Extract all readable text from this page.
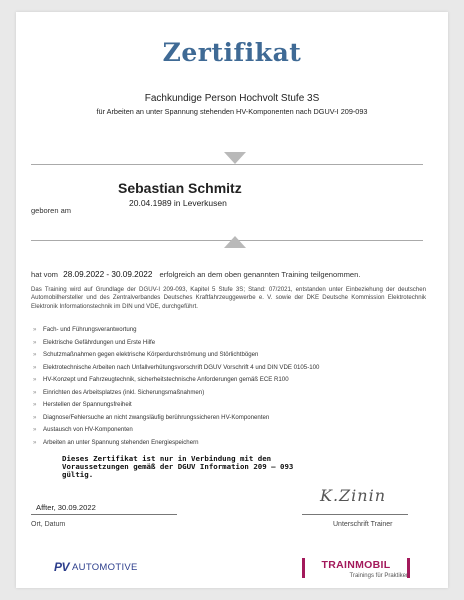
Zertifikat
Fachkundige Person Hochvolt Stufe 3S
für Arbeiten an unter Spannung stehenden HV-Komponenten nach DGUV-I 209-093
Sebastian Schmitz
geboren am
20.04.1989 in Leverkusen
hat vom 28.09.2022 - 30.09.2022 erfolgreich an dem oben genannten Training teilgenommen.
Das Training wird auf Grundlage der DGUV-I 209-093, Kapitel 5 Stufe 3S; Stand: 07/2021, entstanden unter Einbeziehung der deutschen Automobilhersteller und des Zentralverbandes Deutsches Kraftfahrzeuggewerbe e. V. sowie der DKE Deutsche Kommission Elektrotechnik Elektronik Informationstechnik im DIN und VDE, durchgeführt.
» Fach- und Führungsverantwortung
» Elektrische Gefährdungen und Erste Hilfe
» Schutzmaßnahmen gegen elektrische Körperdurchströmung und Störlichtbögen
» Elektrotechnische Arbeiten nach Unfallverhütungsvorschrift DGUV Vorschrift 4 und DIN VDE 0105-100
» HV-Konzept und Fahrzeugtechnik, sicherheitstechnische Anforderungen gemäß ECE R100
» Einrichten des Arbeitsplatzes (inkl. Sicherungsmaßnahmen)
» Herstellen der Spannungsfreiheit
» Diagnose/Fehlersuche an nicht zwangsläufig berührungssicheren HV-Komponenten
» Austausch von HV-Komponenten
» Arbeiten an unter Spannung stehenden Energiespeichern
Dieses Zertifikat ist nur in Verbindung mit den Voraussetzungen gemäß der DGUV Information 209 – 093 gültig.
Affter, 30.09.2022
K.Zinin
Ort, Datum	Unterschrift Trainer
PV AUTOMOTIVE	TRAINMOBIL
Trainings für Praktiker
